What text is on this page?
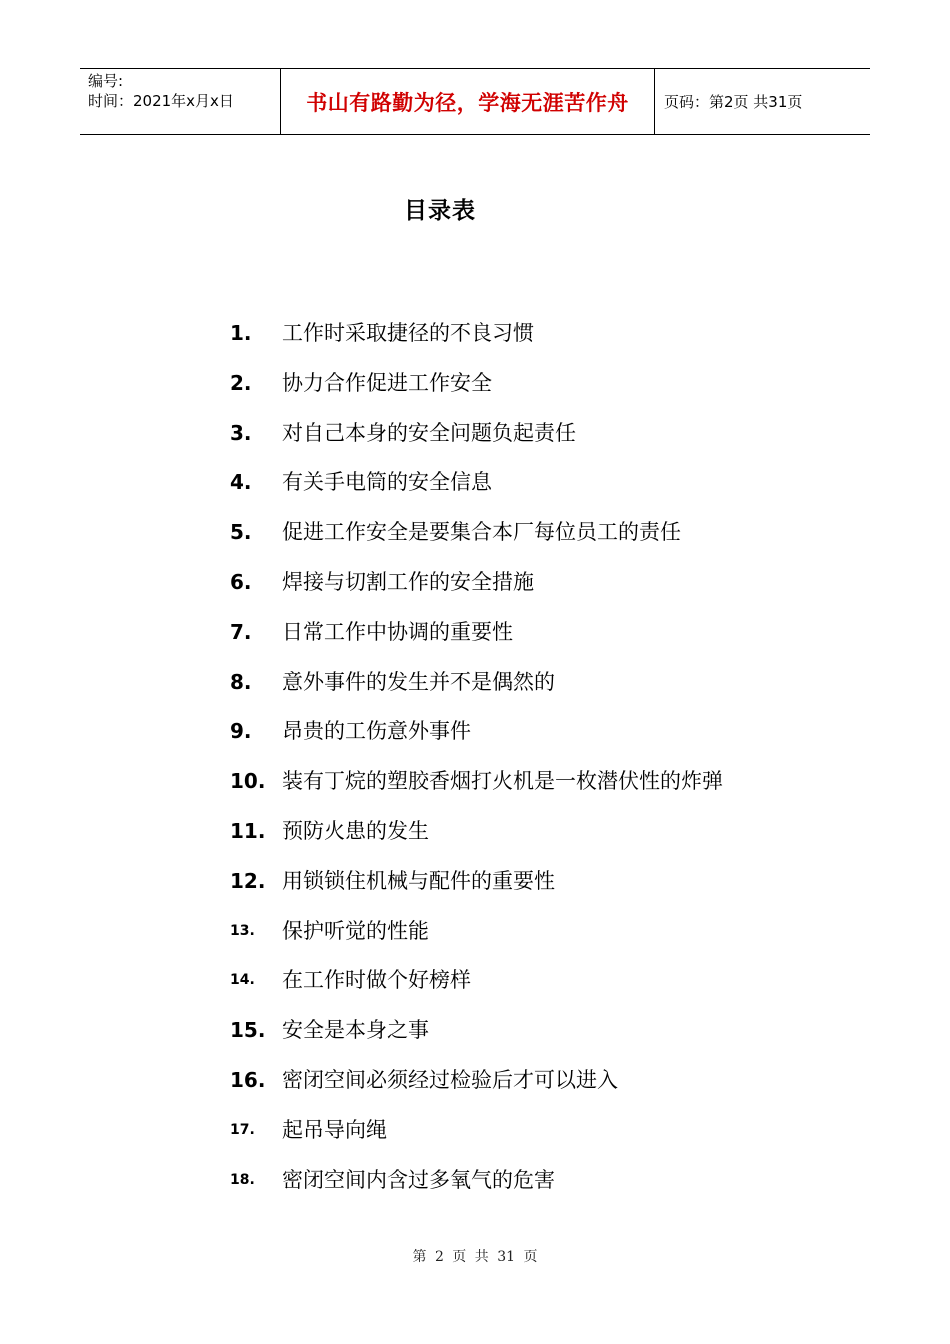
编号:
时间：2021年x月x日	书山有路勤为径，学海无涯苦作舟	页码：第2页 共31页
目录表
1. 工作时采取捷径的不良习惯
2. 协力合作促进工作安全
3. 对自己本身的安全问题负起责任
4. 有关手电筒的安全信息
5. 促进工作安全是要集合本厂每位员工的责任
6. 焊接与切割工作的安全措施
7. 日常工作中协调的重要性
8. 意外事件的发生并不是偶然的
9. 昂贵的工伤意外事件
10. 装有丁烷的塑胶香烟打火机是一枚潜伏性的炸弹
11. 预防火患的发生
12. 用锁锁住机械与配件的重要性
13. 保护听觉的性能
14. 在工作时做个好榜样
15. 安全是本身之事
16. 密闭空间必须经过检验后才可以进入
17. 起吊导向绳
18. 密闭空间内含过多氧气的危害
第 2 页 共 31 页
